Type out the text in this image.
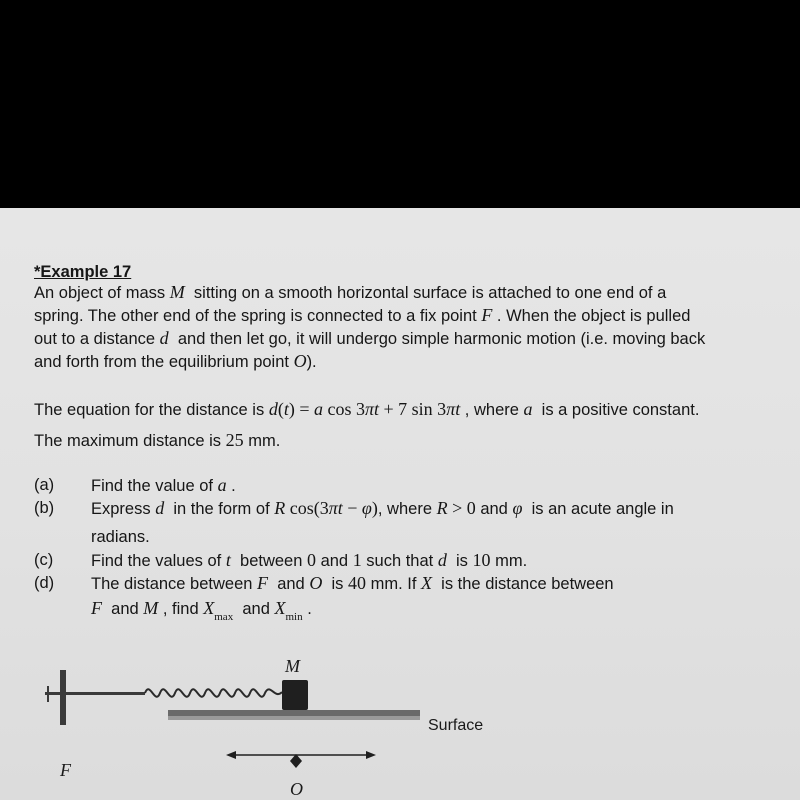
*Example 17
An object of mass M  sitting on a smooth horizontal surface is attached to one end of a
spring. The other end of the spring is connected to a fix point F . When the object is pulled
out to a distance d  and then let go, it will undergo simple harmonic motion (i.e. moving back
and forth from the equilibrium point O).
The equation for the distance is d(t) = a cos 3πt + 7 sin 3πt , where a  is a positive constant.
The maximum distance is 25 mm.
(a) Find the value of a .
(b) Express d  in the form of R cos(3πt − φ), where R > 0 and φ  is an acute angle in
radians.
(c) Find the values of t  between 0 and 1 such that d  is 10 mm.
(d) The distance between F  and O  is 40 mm. If X  is the distance between
F  and M , find $X_{max}$  and $X_{min}$ .
M
Surface
F
O
